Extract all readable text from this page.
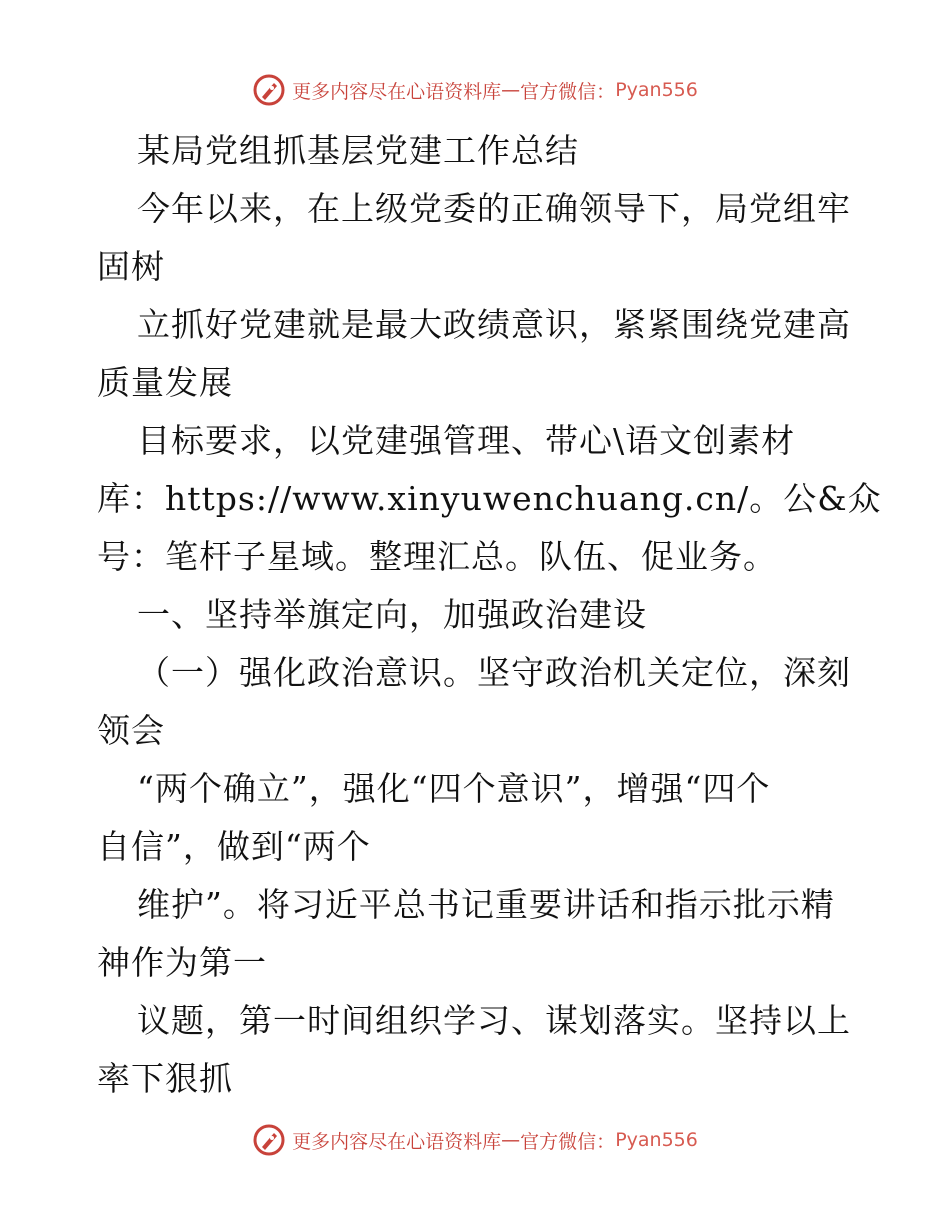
更多内容尽在心语资料库 — 官方微信： Pyan556
某局党组抓基层党建工作总结
今年以来，在上级党委的正确领导下，局党组牢
固树
立抓好党建就是最大政绩意识，紧紧围绕党建高
质量发展
目标要求，以党建强管理、带心\语文创素材
库：https://www.xinyuwenchuang.cn/。公&众
号：笔杆子星域。整理汇总。队伍、促业务。
一、坚持举旗定向，加强政治建设
（一）强化政治意识。坚守政治机关定位，深刻
领会
“两个确立”，强化“四个意识”，增强“四个
自信”，做到“两个
维护”。将习近平总书记重要讲话和指示批示精
神作为第一
议题，第一时间组织学习、谋划落实。坚持以上
率下狠抓
更多内容尽在心语资料库 — 官方微信： Pyan556
